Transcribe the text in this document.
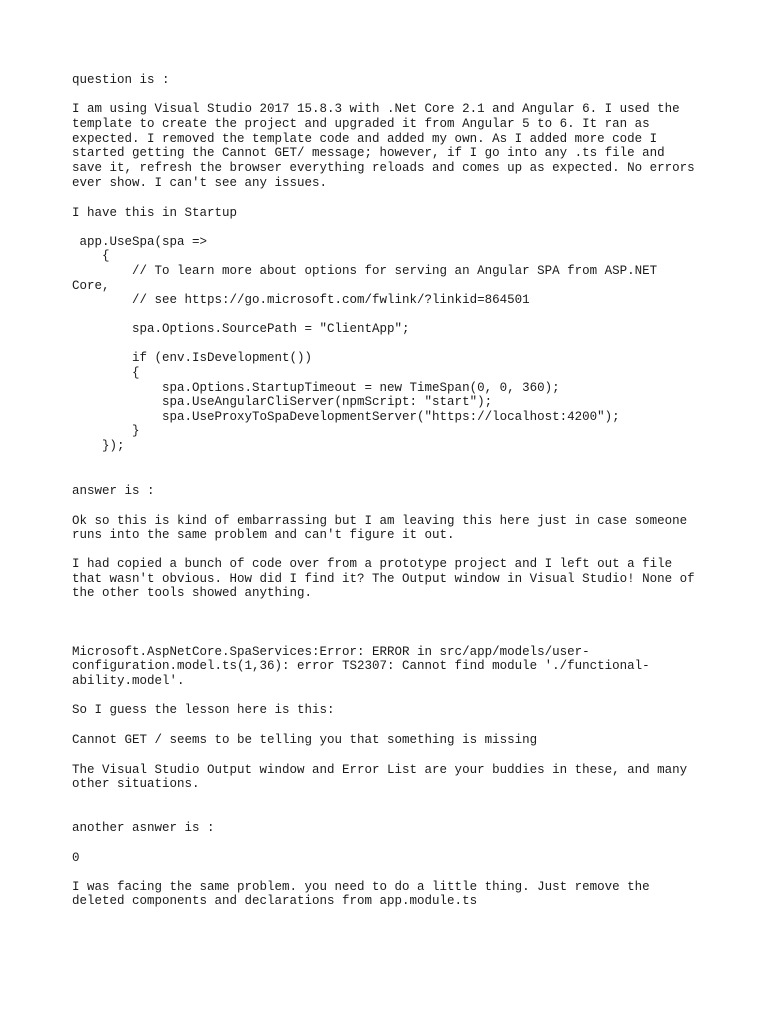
question is :

I am using Visual Studio 2017 15.8.3 with .Net Core 2.1 and Angular 6. I used the

template to create the project and upgraded it from Angular 5 to 6. It ran as

expected. I removed the template code and added my own. As I added more code I

started getting the Cannot GET/ message; however, if I go into any .ts file and

save it, refresh the browser everything reloads and comes up as expected. No errors

ever show. I can't see any issues.

I have this in Startup

app.UseSpa(spa =>

{

// To learn more about options for serving an Angular SPA from ASP.NET

Core,

// see https://go.microsoft.com/fwlink/?linkid=864501

spa.Options.SourcePath = "ClientApp";

if (env.IsDevelopment())

{

spa.Options.StartupTimeout = new TimeSpan(0, 0, 360);

spa.UseAngularCliServer(npmScript: "start");

spa.UseProxyToSpaDevelopmentServer("https://localhost:4200");

}

});

answer is :

Ok so this is kind of embarrassing but I am leaving this here just in case someone

runs into the same problem and can't figure it out.

I had copied a bunch of code over from a prototype project and I left out a file

that wasn't obvious. How did I find it? The Output window in Visual Studio! None of

the other tools showed anything.

Microsoft.AspNetCore.SpaServices:Error: ERROR in src/app/models/user-

configuration.model.ts(1,36): error TS2307: Cannot find module './functional-

ability.model'.

So I guess the lesson here is this:

Cannot GET / seems to be telling you that something is missing

The Visual Studio Output window and Error List are your buddies in these, and many

other situations.

another asnwer is :

0

I was facing the same problem. you need to do a little thing. Just remove the

deleted components and declarations from app.module.ts
